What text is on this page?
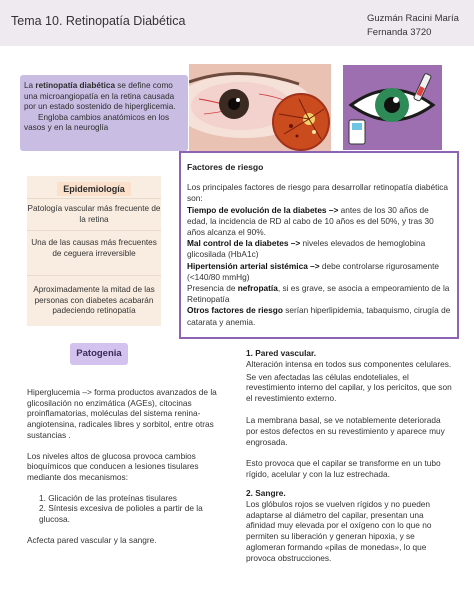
Tema 10. Retinopatía Diabética	Guzmán Racini María
Fernanda 3720

La retinopatía diabética se define como una microangiopatía en la retina causada por un estado sostenido de hiperglicemia.

Engloba cambios anatómicos en los vasos y en la neuroglía

Epidemiología
Patología vascular más frecuente de la retina
Una de las causas más frecuentes de ceguera irreversible
Aproximadamente la mitad de las personas con diabetes acabarán padeciendo retinopatía
Factores de riesgo

Los principales factores de riesgo para desarrollar retinopatía diabética son:

Tiempo de evolución de la diabetes –> antes de los 30 años de edad, la incidencia de RD al cabo de 10 años es del 50%, y tras 30 años alcanza el 90%.

Mal control de la diabetes –> niveles elevados de hemoglobina glicosilada (HbA1c)

Hipertensión arterial sistémica –> debe controlarse rigurosamente (<140/80 mmHg)

Presencia de nefropatía, si es grave, se asocia a empeoramiento de la Retinopatía

Otros factores de riesgo serían hiperlipidemia, tabaquismo, cirugía de catarata y anemia.

Patogenia

Hiperglucemia –> forma productos avanzados de la glicosilación no enzimática (AGEs), citocinas proinflamatorias, moléculas del sistema renina-angiotensina, radicales libres y sorbitol, entre otras sustancias .

Los niveles altos de glucosa provoca cambios bioquímicos que conducen a lesiones tisulares mediante dos mecanismos:

1. Glicación de las proteínas tisulares

2. Síntesis excesiva de polioles a partir de la glucosa.

Acfecta pared vascular y la sangre.

1. Pared vascular.

Alteración intensa en todos sus componentes celulares.

Se ven afectadas las células endoteliales, el revestimiento interno del capilar, y los pericitos, que son el revestimiento externo.

La membrana basal, se ve notablemente deteriorada por estos defectos en su revestimiento y aparece muy engrosada.

Esto provoca que el capilar se transforme en un tubo rígido, acelular y con la luz estrechada.

2. Sangre.

Los glóbulos rojos se vuelven rígidos y no pueden adaptarse al diámetro del capilar, presentan una afinidad muy elevada por el oxígeno con lo que no permiten su liberación y generan hipoxia, y se aglomeran formando «pilas de monedas», lo que provoca obstrucciones.
